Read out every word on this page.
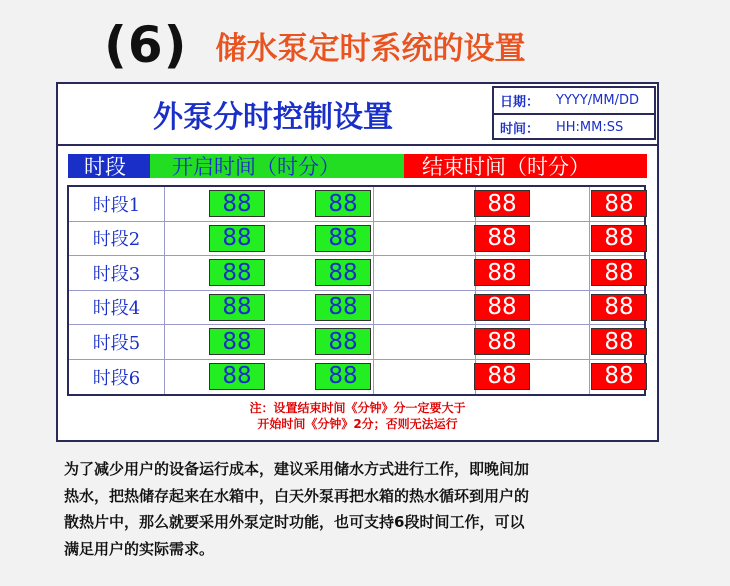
(6) 储水泵定时系统的设置
外泵分时控制设置	日期：	YYYY/MM/DD
时间：	HH:MM:SS
时段	开启时间（时分）	结束时间（时分）
时段1	88	88	88	88
时段2	88	88	88	88
时段3	88	88	88	88
时段4	88	88	88	88
时段5	88	88	88	88
时段6	88	88	88	88
注：设置结束时间《分钟》分一定要大于
开始时间《分钟》2分；否则无法运行
为了减少用户的设备运行成本，建议采用储水方式进行工作，即晚间加
热水，把热储存起来在水箱中，白天外泵再把水箱的热水循环到用户的
散热片中，那么就要采用外泵定时功能，也可支持6段时间工作，可以
满足用户的实际需求。
